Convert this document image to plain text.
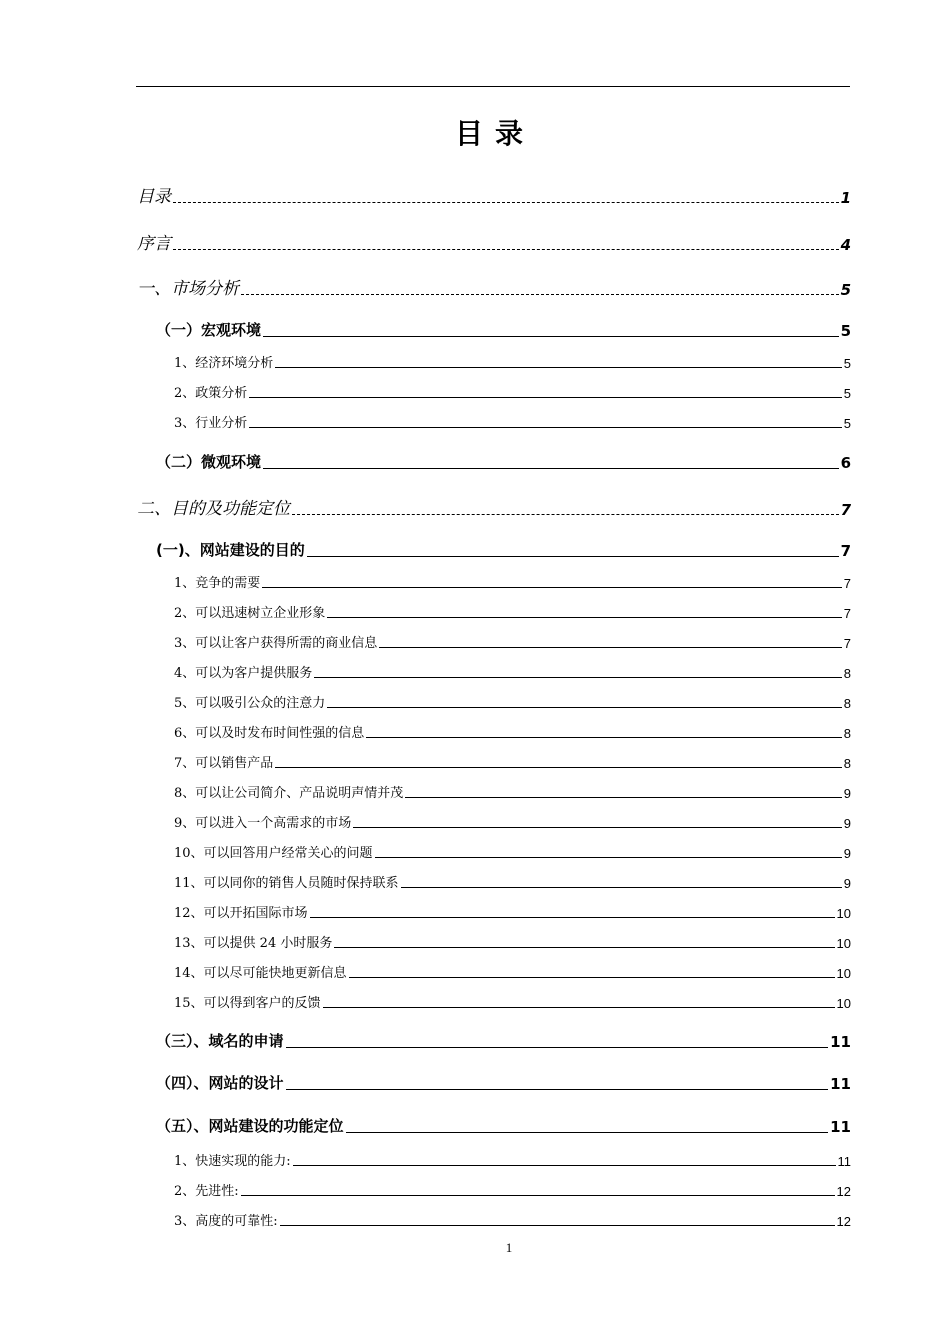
目录
目录	1
序言	4
一、市场分析	5
（一）宏观环境	5
1、经济环境分析	5
2、政策分析	5
3、行业分析	5
（二）微观环境	6
二、目的及功能定位	7
(一)、网站建设的目的	7
1、竞争的需要	7
2、可以迅速树立企业形象	7
3、可以让客户获得所需的商业信息	7
4、可以为客户提供服务	8
5、可以吸引公众的注意力	8
6、可以及时发布时间性强的信息	8
7、可以销售产品	8
8、可以让公司简介、产品说明声情并茂	9
9、可以进入一个高需求的市场	9
10、可以回答用户经常关心的问题	9
11、可以同你的销售人员随时保持联系	9
12、可以开拓国际市场	10
13、可以提供 24 小时服务	10
14、可以尽可能快地更新信息	10
15、可以得到客户的反馈	10
（三）、域名的申请	11
（四）、网站的设计	11
（五）、网站建设的功能定位	11
1、快速实现的能力:	11
2、先进性:	12
3、高度的可靠性:	12
1
